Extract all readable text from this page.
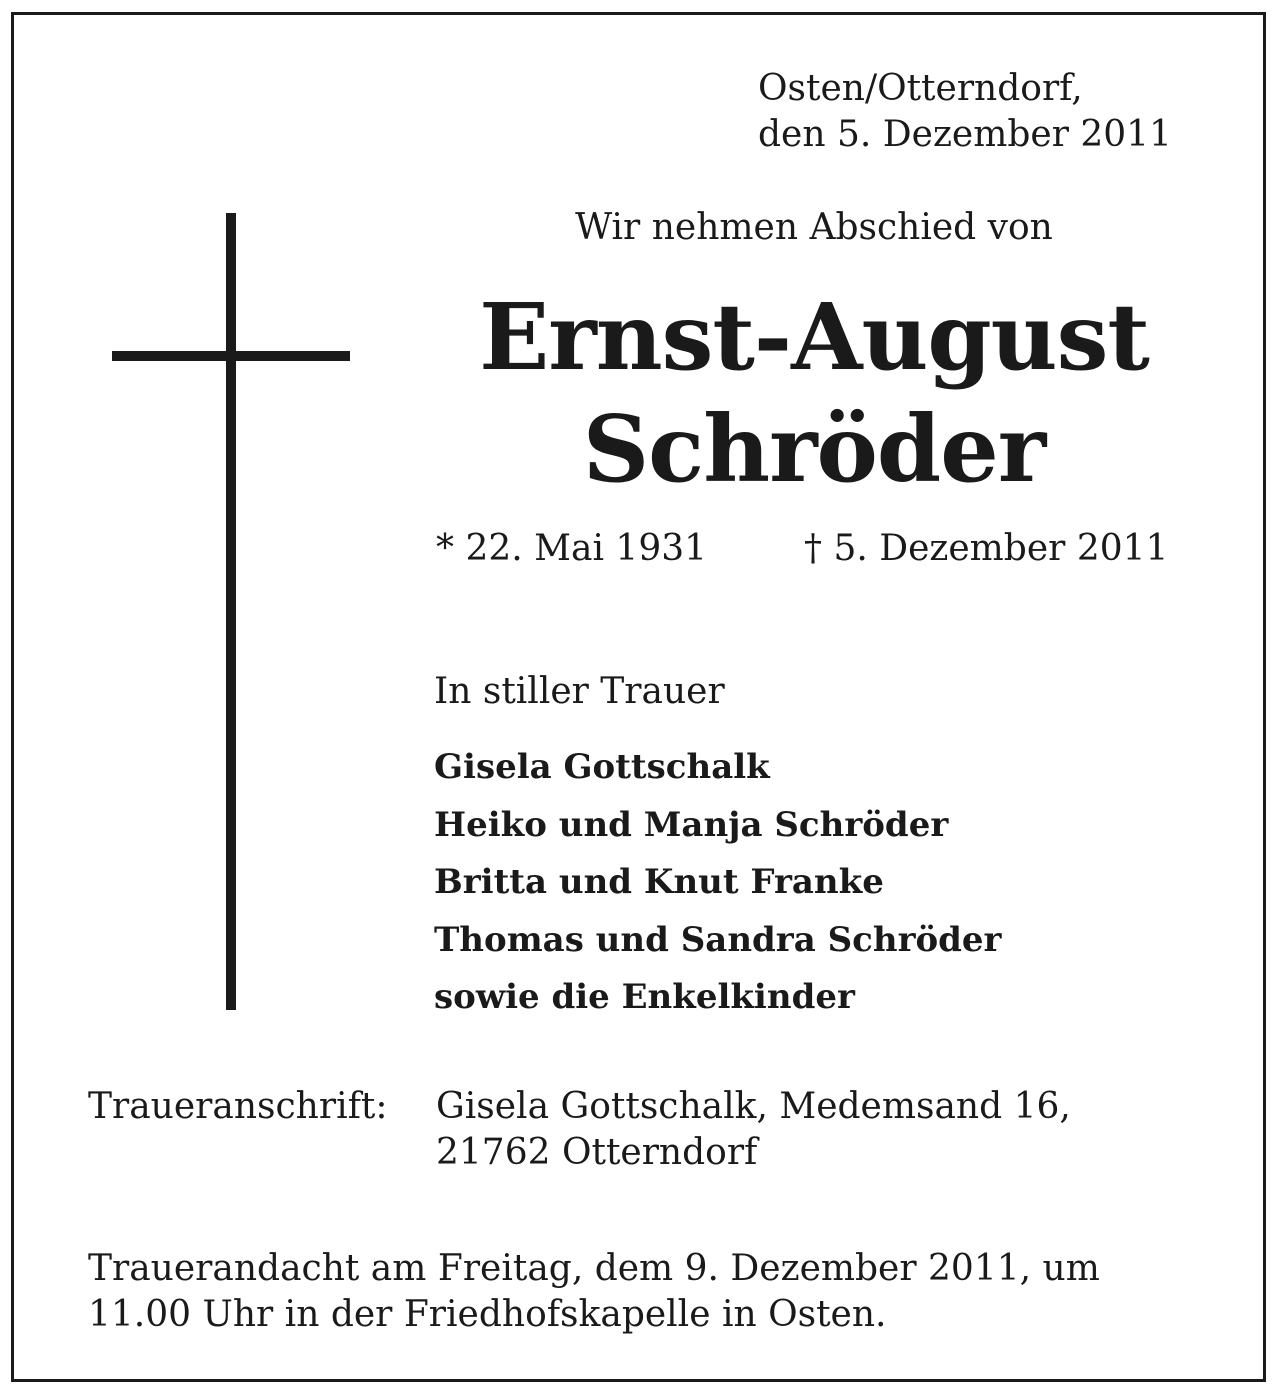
Osten/Otterndorf,
den 5. Dezember 2011
Wir nehmen Abschied von
Ernst-August
Schröder
* 22. Mai 1931	† 5. Dezember 2011
In stiller Trauer
Gisela Gottschalk
Heiko und Manja Schröder
Britta und Knut Franke
Thomas und Sandra Schröder
sowie die Enkelkinder
Traueranschrift: Gisela Gottschalk, Medemsand 16,
21762 Otterndorf
Trauerandacht am Freitag, dem 9. Dezember 2011, um
11.00 Uhr in der Friedhofskapelle in Osten.
